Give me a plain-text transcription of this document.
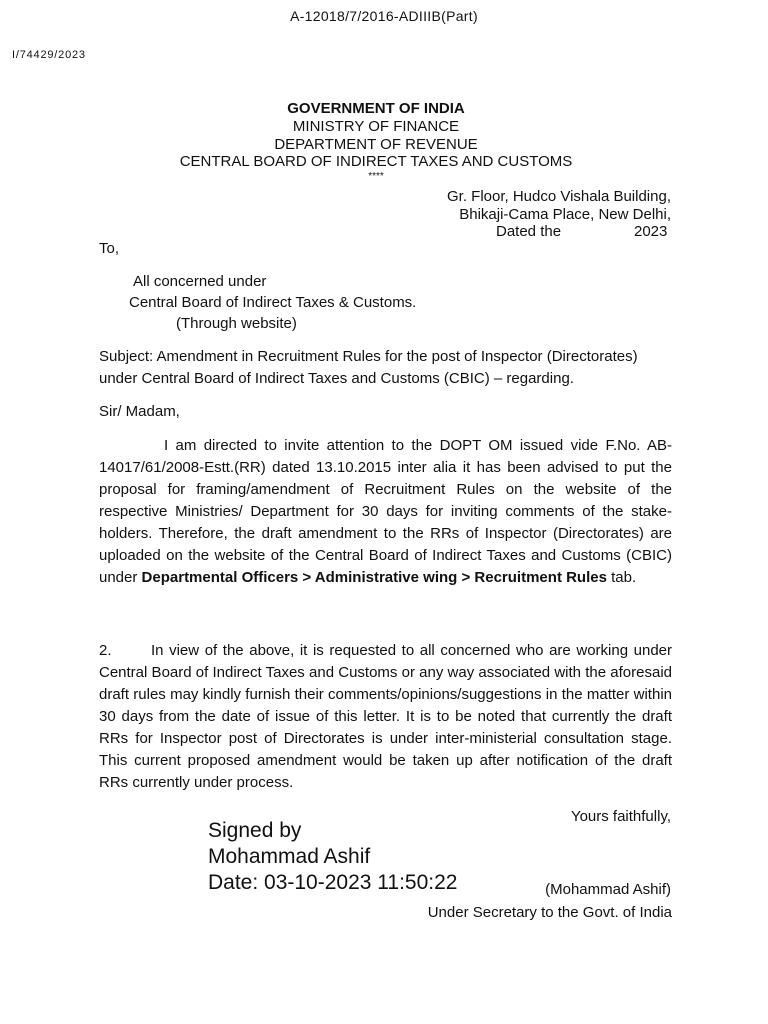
A-12018/7/2016-ADIIIB(Part)
I/74429/2023
GOVERNMENT OF INDIA
MINISTRY OF FINANCE
DEPARTMENT OF REVENUE
CENTRAL BOARD OF INDIRECT TAXES AND CUSTOMS
****
Gr. Floor, Hudco Vishala Building,
Bhikaji-Cama Place, New Delhi,
Dated the	2023
To,
All concerned under
Central Board of Indirect Taxes & Customs.
(Through website)
Subject: Amendment in Recruitment Rules for the post of Inspector (Directorates)
under Central Board of Indirect Taxes and Customs (CBIC) – regarding.
Sir/ Madam,
I am directed to invite attention to the DOPT OM issued vide F.No. AB-14017/61/2008-Estt.(RR) dated 13.10.2015 inter alia it has been advised to put the proposal for framing/amendment of Recruitment Rules on the website of the respective Ministries/ Department for 30 days for inviting comments of the stake-holders. Therefore, the draft amendment to the RRs of Inspector (Directorates) are uploaded on the website of the Central Board of Indirect Taxes and Customs (CBIC) under Departmental Officers > Administrative wing > Recruitment Rules tab.
2.	In view of the above, it is requested to all concerned who are working under Central Board of Indirect Taxes and Customs or any way associated with the aforesaid draft rules may kindly furnish their comments/opinions/suggestions in the matter within 30 days from the date of issue of this letter. It is to be noted that currently the draft RRs for Inspector post of Directorates is under inter-ministerial consultation stage. This current proposed amendment would be taken up after notification of the draft RRs currently under process.
Yours faithfully,
Signed by
Mohammad Ashif
Date: 03-10-2023 11:50:22	(Mohammad Ashif)
Under Secretary to the Govt. of India
